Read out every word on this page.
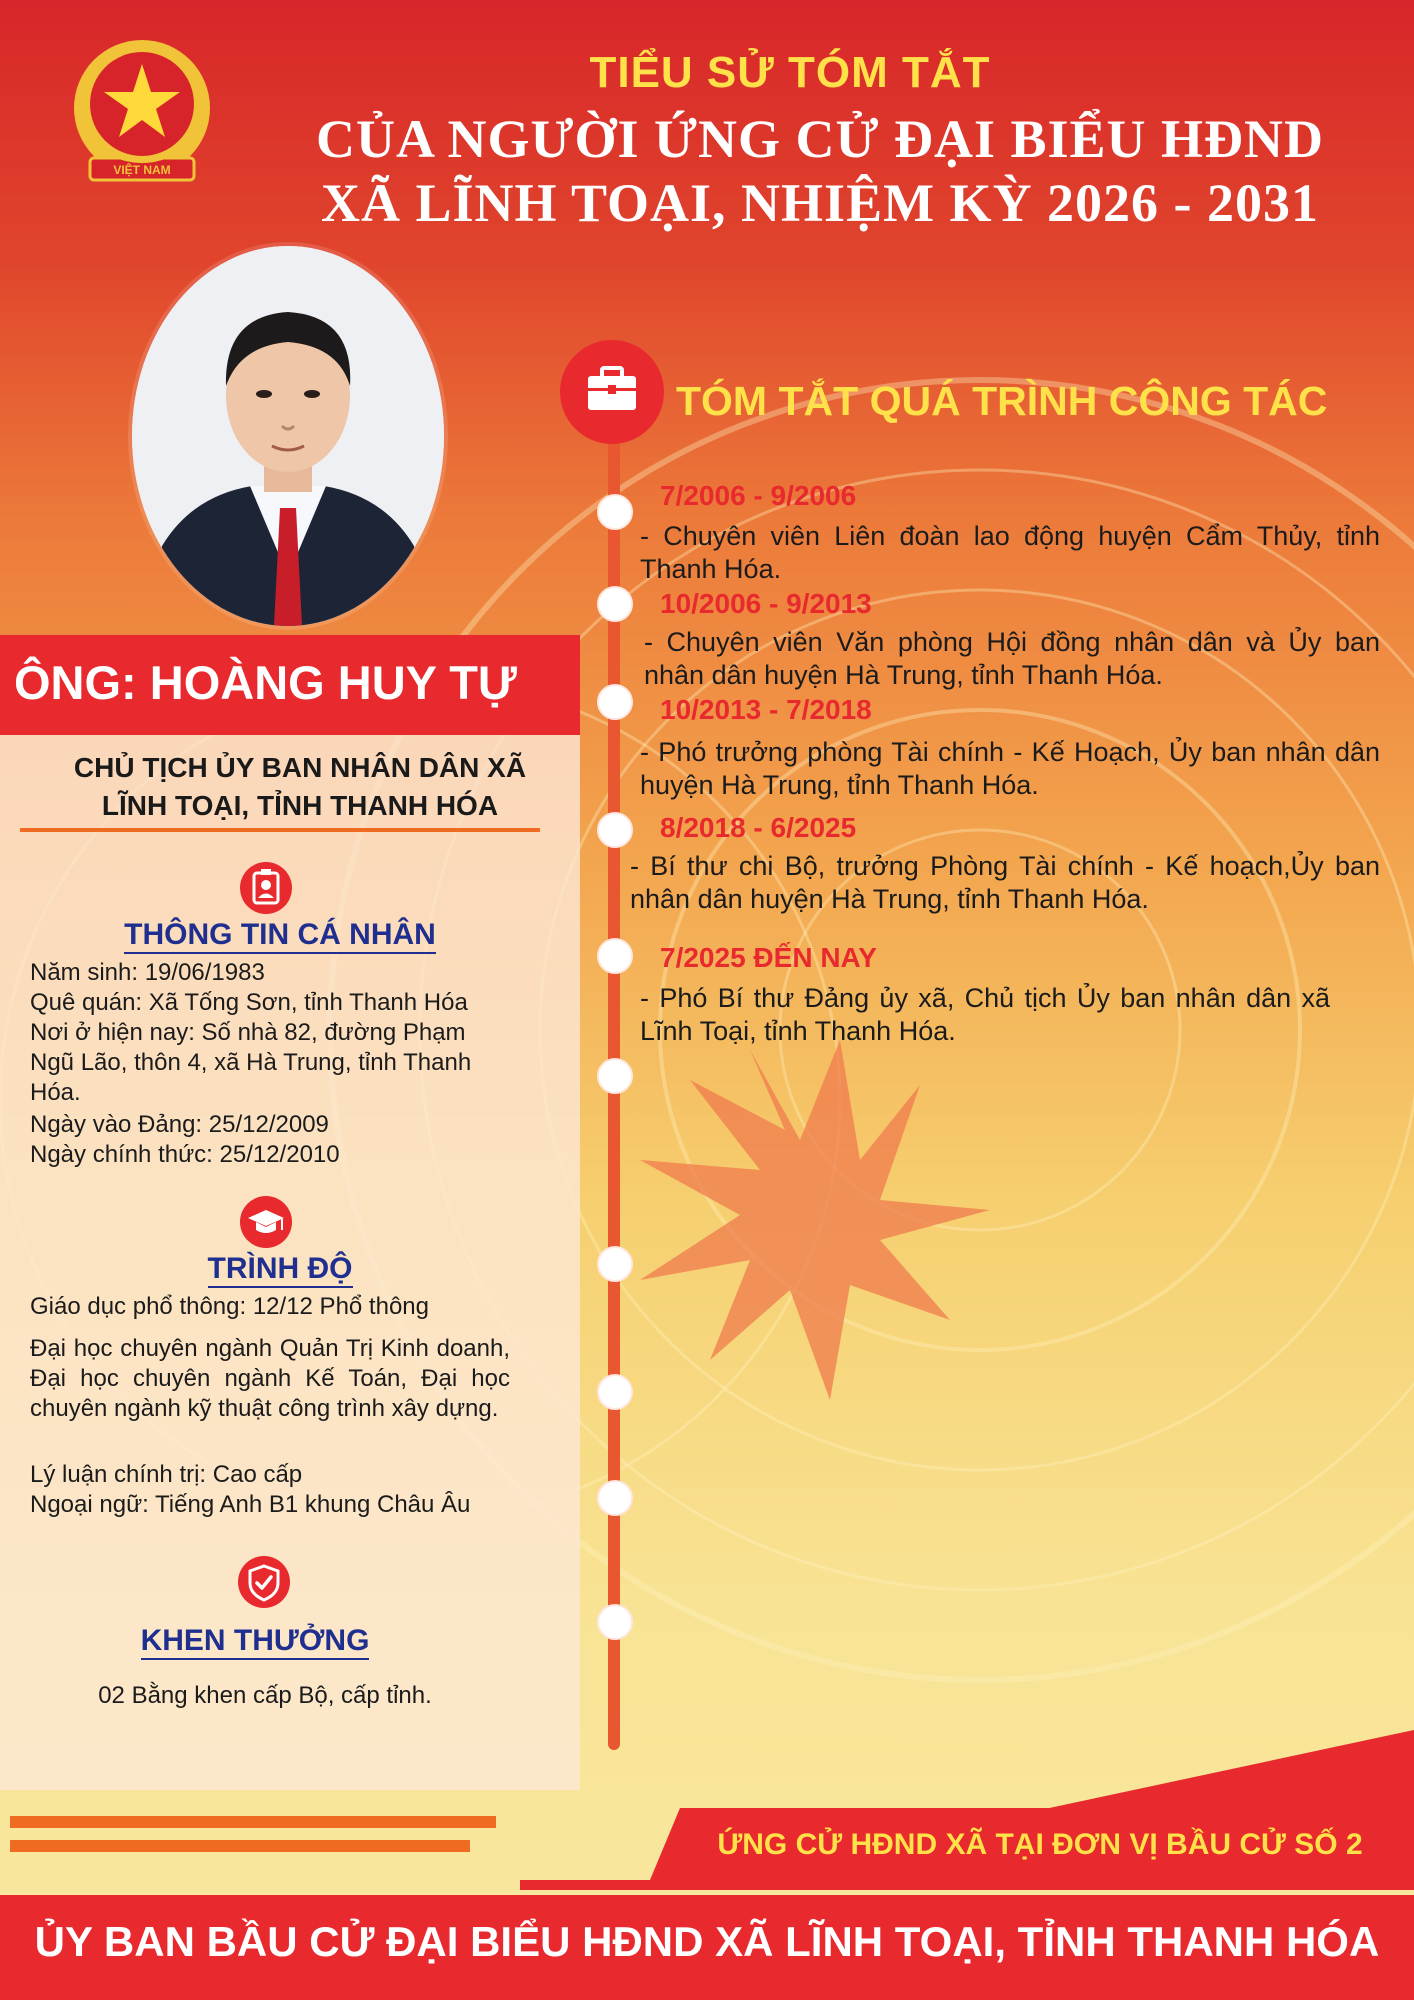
VIỆT NAM
TIỂU SỬ TÓM TẮT
CỦA NGƯỜI ỨNG CỬ ĐẠI BIỂU HĐND
XÃ LĨNH TOẠI, NHIỆM KỲ 2026 - 2031
ÔNG: HOÀNG HUY TỰ
CHỦ TỊCH ỦY BAN NHÂN DÂN XÃ
LĨNH TOẠI, TỈNH THANH HÓA
THÔNG TIN CÁ NHÂN
Năm sinh: 19/06/1983
Quê quán: Xã Tống Sơn, tỉnh Thanh Hóa
Nơi ở hiện nay: Số nhà 82, đường Phạm
Ngũ Lão, thôn 4, xã Hà Trung, tỉnh Thanh
Hóa.
Ngày vào Đảng: 25/12/2009
Ngày chính thức: 25/12/2010
TRÌNH ĐỘ
Giáo dục phổ thông: 12/12 Phổ thông
Đại học chuyên ngành Quản Trị Kinh doanh, Đại học chuyên ngành Kế Toán, Đại học chuyên ngành kỹ thuật công trình xây dựng.
Lý luận chính trị: Cao cấp
Ngoại ngữ: Tiếng Anh B1 khung Châu Âu
KHEN THƯỞNG
02 Bằng khen cấp Bộ, cấp tỉnh.
TÓM TẮT QUÁ TRÌNH CÔNG TÁC
7/2006 - 9/2006
- Chuyên viên Liên đoàn lao động huyện Cẩm Thủy, tỉnh Thanh Hóa.
10/2006 - 9/2013
- Chuyên viên Văn phòng Hội đồng nhân dân và Ủy ban nhân dân huyện Hà Trung, tỉnh Thanh Hóa.
10/2013 - 7/2018
- Phó trưởng phòng Tài chính - Kế Hoạch, Ủy ban nhân dân huyện Hà Trung, tỉnh Thanh Hóa.
8/2018 - 6/2025
- Bí thư chi Bộ, trưởng Phòng Tài chính - Kế hoạch,Ủy ban nhân dân huyện Hà Trung, tỉnh Thanh Hóa.
7/2025 ĐẾN NAY
- Phó Bí thư Đảng ủy xã, Chủ tịch Ủy ban nhân dân xã Lĩnh Toại, tỉnh Thanh Hóa.
ỨNG CỬ HĐND XÃ TẠI ĐƠN VỊ BẦU CỬ SỐ 2
ỦY BAN BẦU CỬ ĐẠI BIỂU HĐND XÃ LĨNH TOẠI, TỈNH THANH HÓA
